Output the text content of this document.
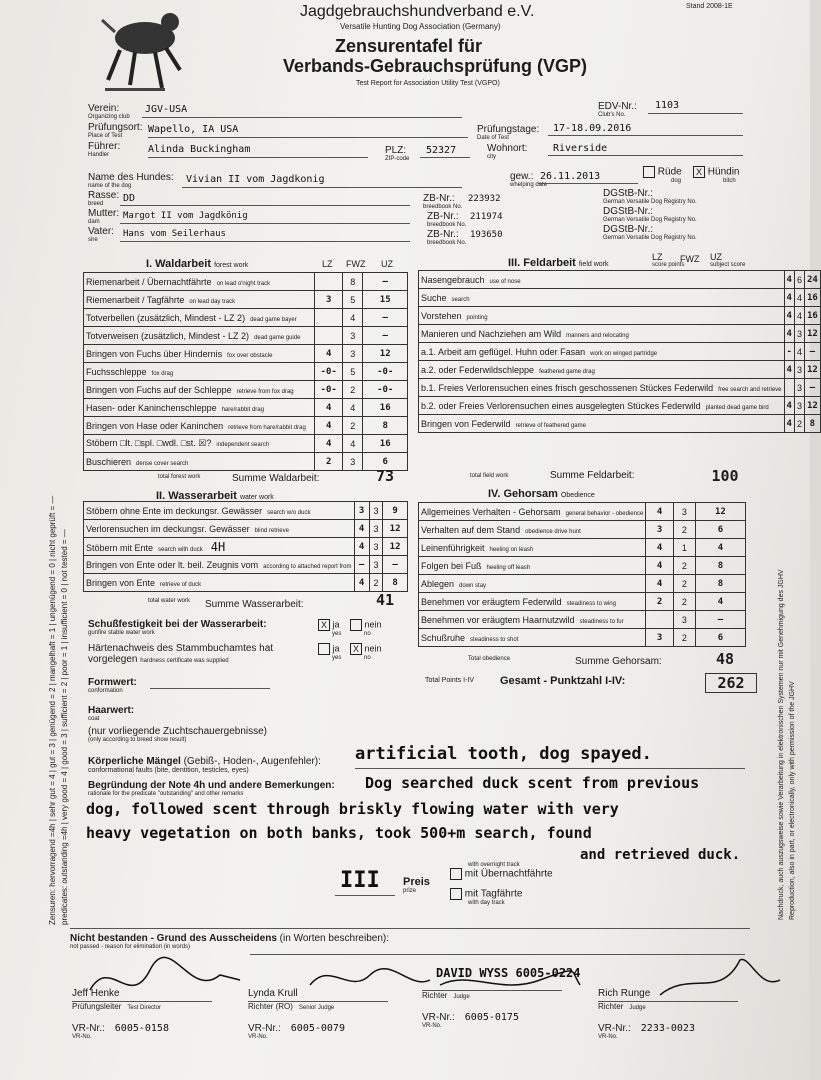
Jagdgebrauchshundverband e.V.
Versatile Hunting Dog Association (Germany)
Stand 2008-1E
Zensurentafel für
Verbands-Gebrauchsprüfung (VGP)
Test Report for Association Utility Test (VGPO)
Verein:
Organizing club
JGV-USA	EDV-Nr.:
Club's No.
1103
Prüfungsort:
Place of Test
Wapello, IA USA	Prüfungstage:
Date of Test
17-18.09.2016
Führer:
Handler	Alinda Buckingham	PLZ:
ZIP-code
52327	Wohnort:
city
Riverside
Name des Hundes:
name of the dog
Vivian II vom Jagdkonig	gew.:
whelping date
26.11.2013	Rüde
dog
X Hündin
bitch
Rasse:
breed	DD	ZB-Nr.:
breedbook No.
223932	DGStB-Nr.:
German Versatile Dog Registry No.
Mutter:
dam
Margot II vom Jagdkönig	ZB-Nr.:
breedbook No.
211974	DGStB-Nr.:
German Versatile Dog Registry No.
Vater:
sire
Hans vom Seilerhaus	ZB-Nr.:
breedbook No.
193650	DGStB-Nr.:
German Versatile Dog Registry No.
I. Waldarbeit forest work	LZ FWZ UZ
Riemenarbeit / Übernachtfährte on lead o'night track		8	—
Riemenarbeit / Tagfährte on lead day track	3	5	15
Totverbellen (zusätzlich, Mindest - LZ 2) dead game bayer		4	—
Totverweisen (zusätzlich, Mindest - LZ 2) dead game guide		3	—
Bringen von Fuchs über Hindernis fox over obstacle	4	3	12
Fuchsschleppe fox drag	-0-	5	-0-
Bringen von Fuchs auf der Schleppe retrieve from fox drag	-0-	2	-0-
Hasen- oder Kaninchenschleppe hare/rabbit drag	4	4	16
Bringen von Hase oder Kaninchen retrieve from hare/rabbit drag	4	2	8
Stöbern □lt. □spl. □wdl. □st. ☒? independent search	4	4	16
Buschieren dense cover search	2	3	6
total forest work	Summe Waldarbeit:	73
II. Wasserarbeit water work
Stöbern ohne Ente im deckungsr. Gewässer search w/o duck	3	3	9
Verlorensuchen im deckungsr. Gewässer blind retrieve	4	3	12
Stöbern mit Ente search with duck 4H	4	3	12
Bringen von Ente oder lt. beil. Zeugnis vom according to attached report from	—	3	—
Bringen von Ente retrieve of duck	4	2	8
total water work Summe Wasserarbeit:	41
III. Feldarbeit field work
LZ
score points
FWZ UZ
subject score
Nasengebrauch use of nose	4	6	24
Suche search	4	4	16
Vorstehen pointing	4	4	16
Manieren und Nachziehen am Wild manners and relocating	4	3	12
a.1. Arbeit am geflügel. Huhn oder Fasan work on winged partridge	-	4	—
a.2. oder Federwildschleppe feathered game drag	4	3	12
b.1. Freies Verlorensuchen eines frisch geschossenen Stückes Federwild free search and retrieve		3	—
b.2. oder Freies Verlorensuchen eines ausgelegten Stückes Federwild planted dead game bird	4	3	12
Bringen von Federwild retrieve of feathered game	4	2	8
total field work	Summe Feldarbeit:	100
IV. Gehorsam Obedience
Allgemeines Verhalten - Gehorsam general behavior - obedience	4	3	12
Verhalten auf dem Stand obedience drive hunt	3	2	6
Leinenführigkeit heeling on leash	4	1	4
Folgen bei Fuß heeling off leash	4	2	8
Ablegen down stay	4	2	8
Benehmen vor eräugtem Federwild steadiness to wing	2	2	4
Benehmen vor eräugtem Haarnutzwild steadiness to fur		3	—
Schußruhe steadiness to shot	3	2	6
Total obedience	Summe Gehorsam:	48
Total Points I-IV Gesamt - Punktzahl I-IV:	262
Schußfestigkeit bei der Wasserarbeit:
gunfire stable water work
X ja
yes
nein
no
Härtenachweis des Stammbuchamtes hat vorgelegen hardness certificate was supplied
ja
yes
X nein
no
Formwert:
conformation
Haarwert:
coat
(nur vorliegende Zuchtschauergebnisse)
(only according to breed show result)
Körperliche Mängel (Gebiß-, Hoden-, Augenfehler):
conformational faults (bite, dentition, testicles, eyes)
artificial tooth, dog spayed.
Begründung der Note 4h und andere Bemerkungen:
rationale for the predicate "outstanding" and other remarks
Dog searched duck scent from previous
dog, followed scent through briskly flowing water with very
heavy vegetation on both banks, took 500+m search, found
and retrieved duck.
III Preis
prize
with overnight track
mit Übernachtfährte
mit Tagfährte
with day track
Nicht bestanden - Grund des Ausscheidens (in Worten beschreiben):
not passed - reason for elimination (in words)
DAVID WYSS 6005-0224
Jeff Henke
Prüfungsleiter Test Director
VR-Nr.: 6005-0158
VR-No.
Lynda Krull
Richter (RO) Senior Judge
VR-Nr.: 6005-0079
VR-No.
Richter Judge
VR-Nr.: 6005-0175
VR-No.
Rich Runge
Richter Judge
VR-Nr.: 2233-0023
VR-No.
Zensuren: hervorragend =4h | sehr gut = 4 | gut = 3 | genügend = 2 | mangelhaft = 1 | ungenügend = 0 | nicht geprüft = — predicates: outstanding =4h | very good = 4 | good = 3 | sufficient = 2 | poor = 1 | insufficient = 0 | not tested = —	Nachdruck, auch auszugsweise sowie Verarbeitung in elektronischen Systemen nur mit Genehmigung des JGHV Reproduction, also in part, or electronically, only with permission of the JGHV
